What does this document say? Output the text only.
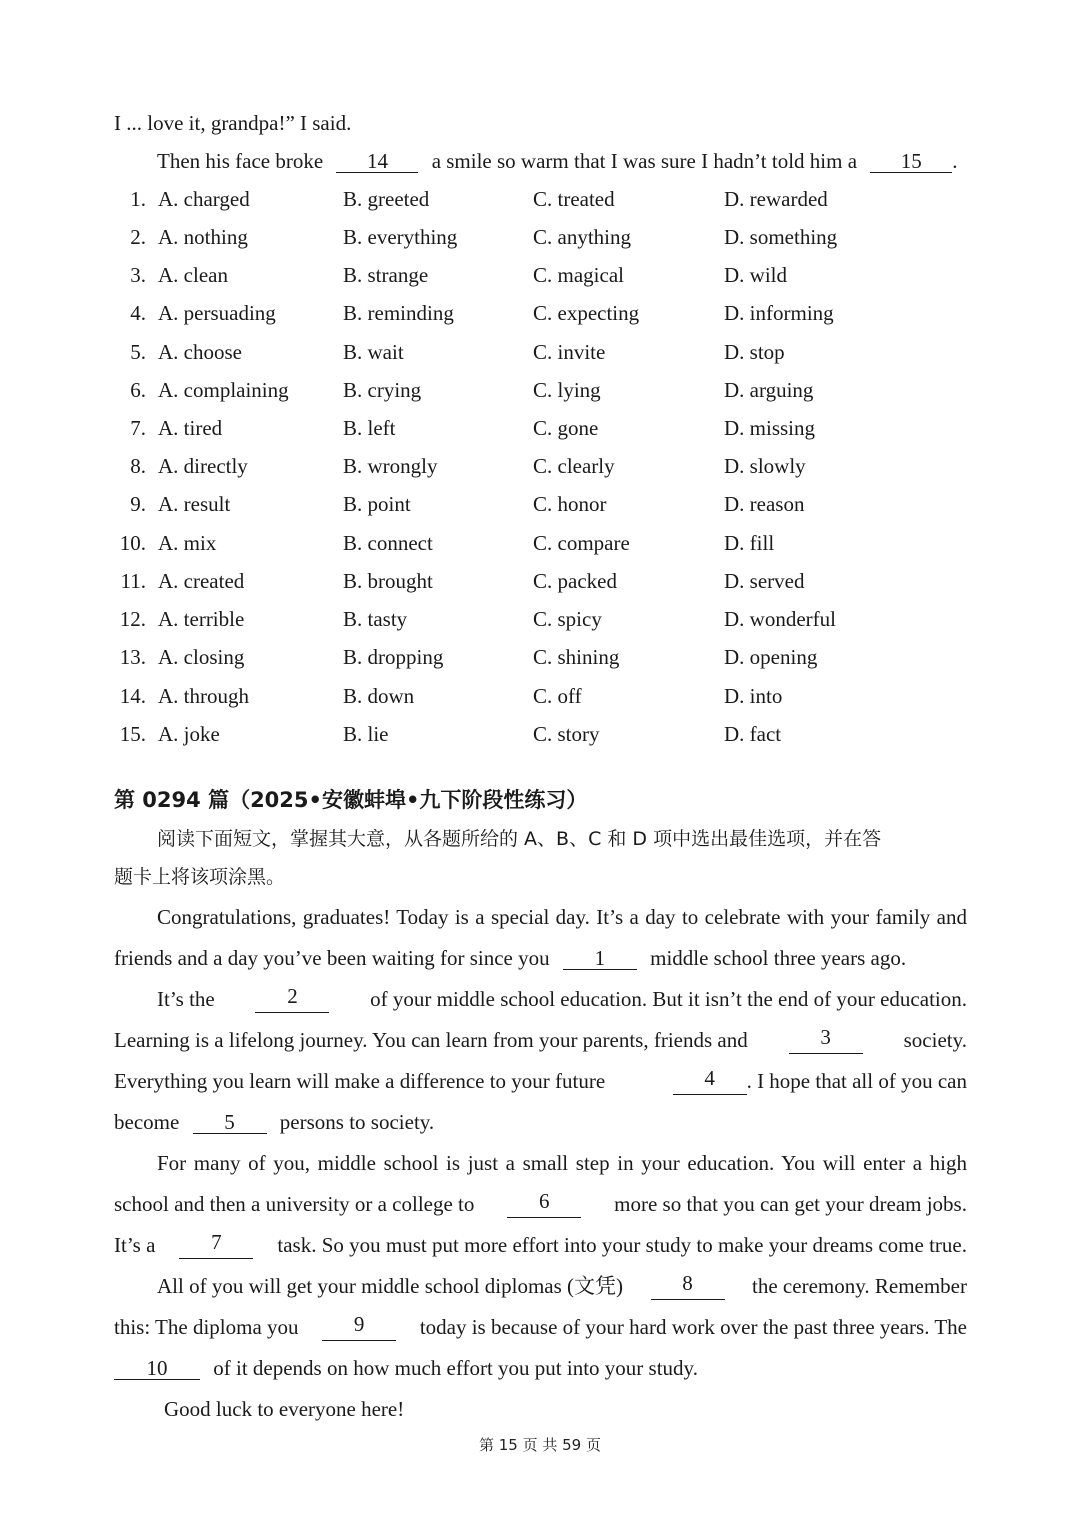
I ... love it, grandpa!” I said.
Then his face broke 14 a smile so warm that I was sure I hadn’t told him a 15 .
1. A. charged	B. greeted	C. treated	D. rewarded
2. A. nothing	B. everything	C. anything	D. something
3. A. clean	B. strange	C. magical	D. wild
4. A. persuading	B. reminding	C. expecting	D. informing
5. A. choose	B. wait	C. invite	D. stop
6. A. complaining	B. crying	C. lying	D. arguing
7. A. tired	B. left	C. gone	D. missing
8. A. directly	B. wrongly	C. clearly	D. slowly
9. A. result	B. point	C. honor	D. reason
10. A. mix	B. connect	C. compare	D. fill
11. A. created	B. brought	C. packed	D. served
12. A. terrible	B. tasty	C. spicy	D. wonderful
13. A. closing	B. dropping	C. shining	D. opening
14. A. through	B. down	C. off	D. into
15. A. joke	B. lie	C. story	D. fact
第 0294 篇（2025•安徽蚌埠•九下阶段性练习）
阅读下面短文，掌握其大意，从各题所给的 A、B、C 和 D 项中选出最佳选项，并在答
题卡上将该项涂黑。
Congratulations, graduates! Today is a special day. It’s a day to celebrate with your family and
friends and a day you’ve been waiting for since you 1 middle school three years ago.
It’s the	2	of your middle school education. But it isn’t the end of your education.
Learning is a lifelong journey. You can learn from your parents, friends and	3	society.
Everything you learn will make a difference to your future	4	. I hope that all of you can
become 5 persons to society.
For many of you, middle school is just a small step in your education. You will enter a high
school and then a university or a college to	6	more so that you can get your dream jobs.
It’s a	7	task. So you must put more effort into your study to make your dreams come true.
All of you will get your middle school diplomas (文凭)	8	the ceremony. Remember
this: The diploma you	9	today is because of your hard work over the past three years. The
10 of it depends on how much effort you put into your study.
Good luck to everyone here!
第 15 页 共 59 页
